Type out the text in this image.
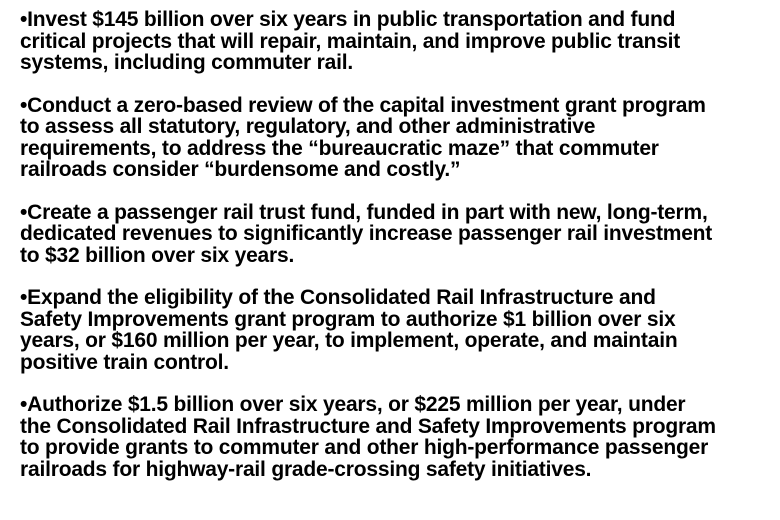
•Invest $145 billion over six years in public transportation and fund
critical projects that will repair, maintain, and improve public transit
systems, including commuter rail.
•Conduct a zero-based review of the capital investment grant program
to assess all statutory, regulatory, and other administrative
requirements, to address the “bureaucratic maze” that commuter
railroads consider “burdensome and costly.”
•Create a passenger rail trust fund, funded in part with new, long-term,
dedicated revenues to significantly increase passenger rail investment
to $32 billion over six years.
•Expand the eligibility of the Consolidated Rail Infrastructure and
Safety Improvements grant program to authorize $1 billion over six
years, or $160 million per year, to implement, operate, and maintain
positive train control.
•Authorize $1.5 billion over six years, or $225 million per year, under
the Consolidated Rail Infrastructure and Safety Improvements program
to provide grants to commuter and other high-performance passenger
railroads for highway-rail grade-crossing safety initiatives.
